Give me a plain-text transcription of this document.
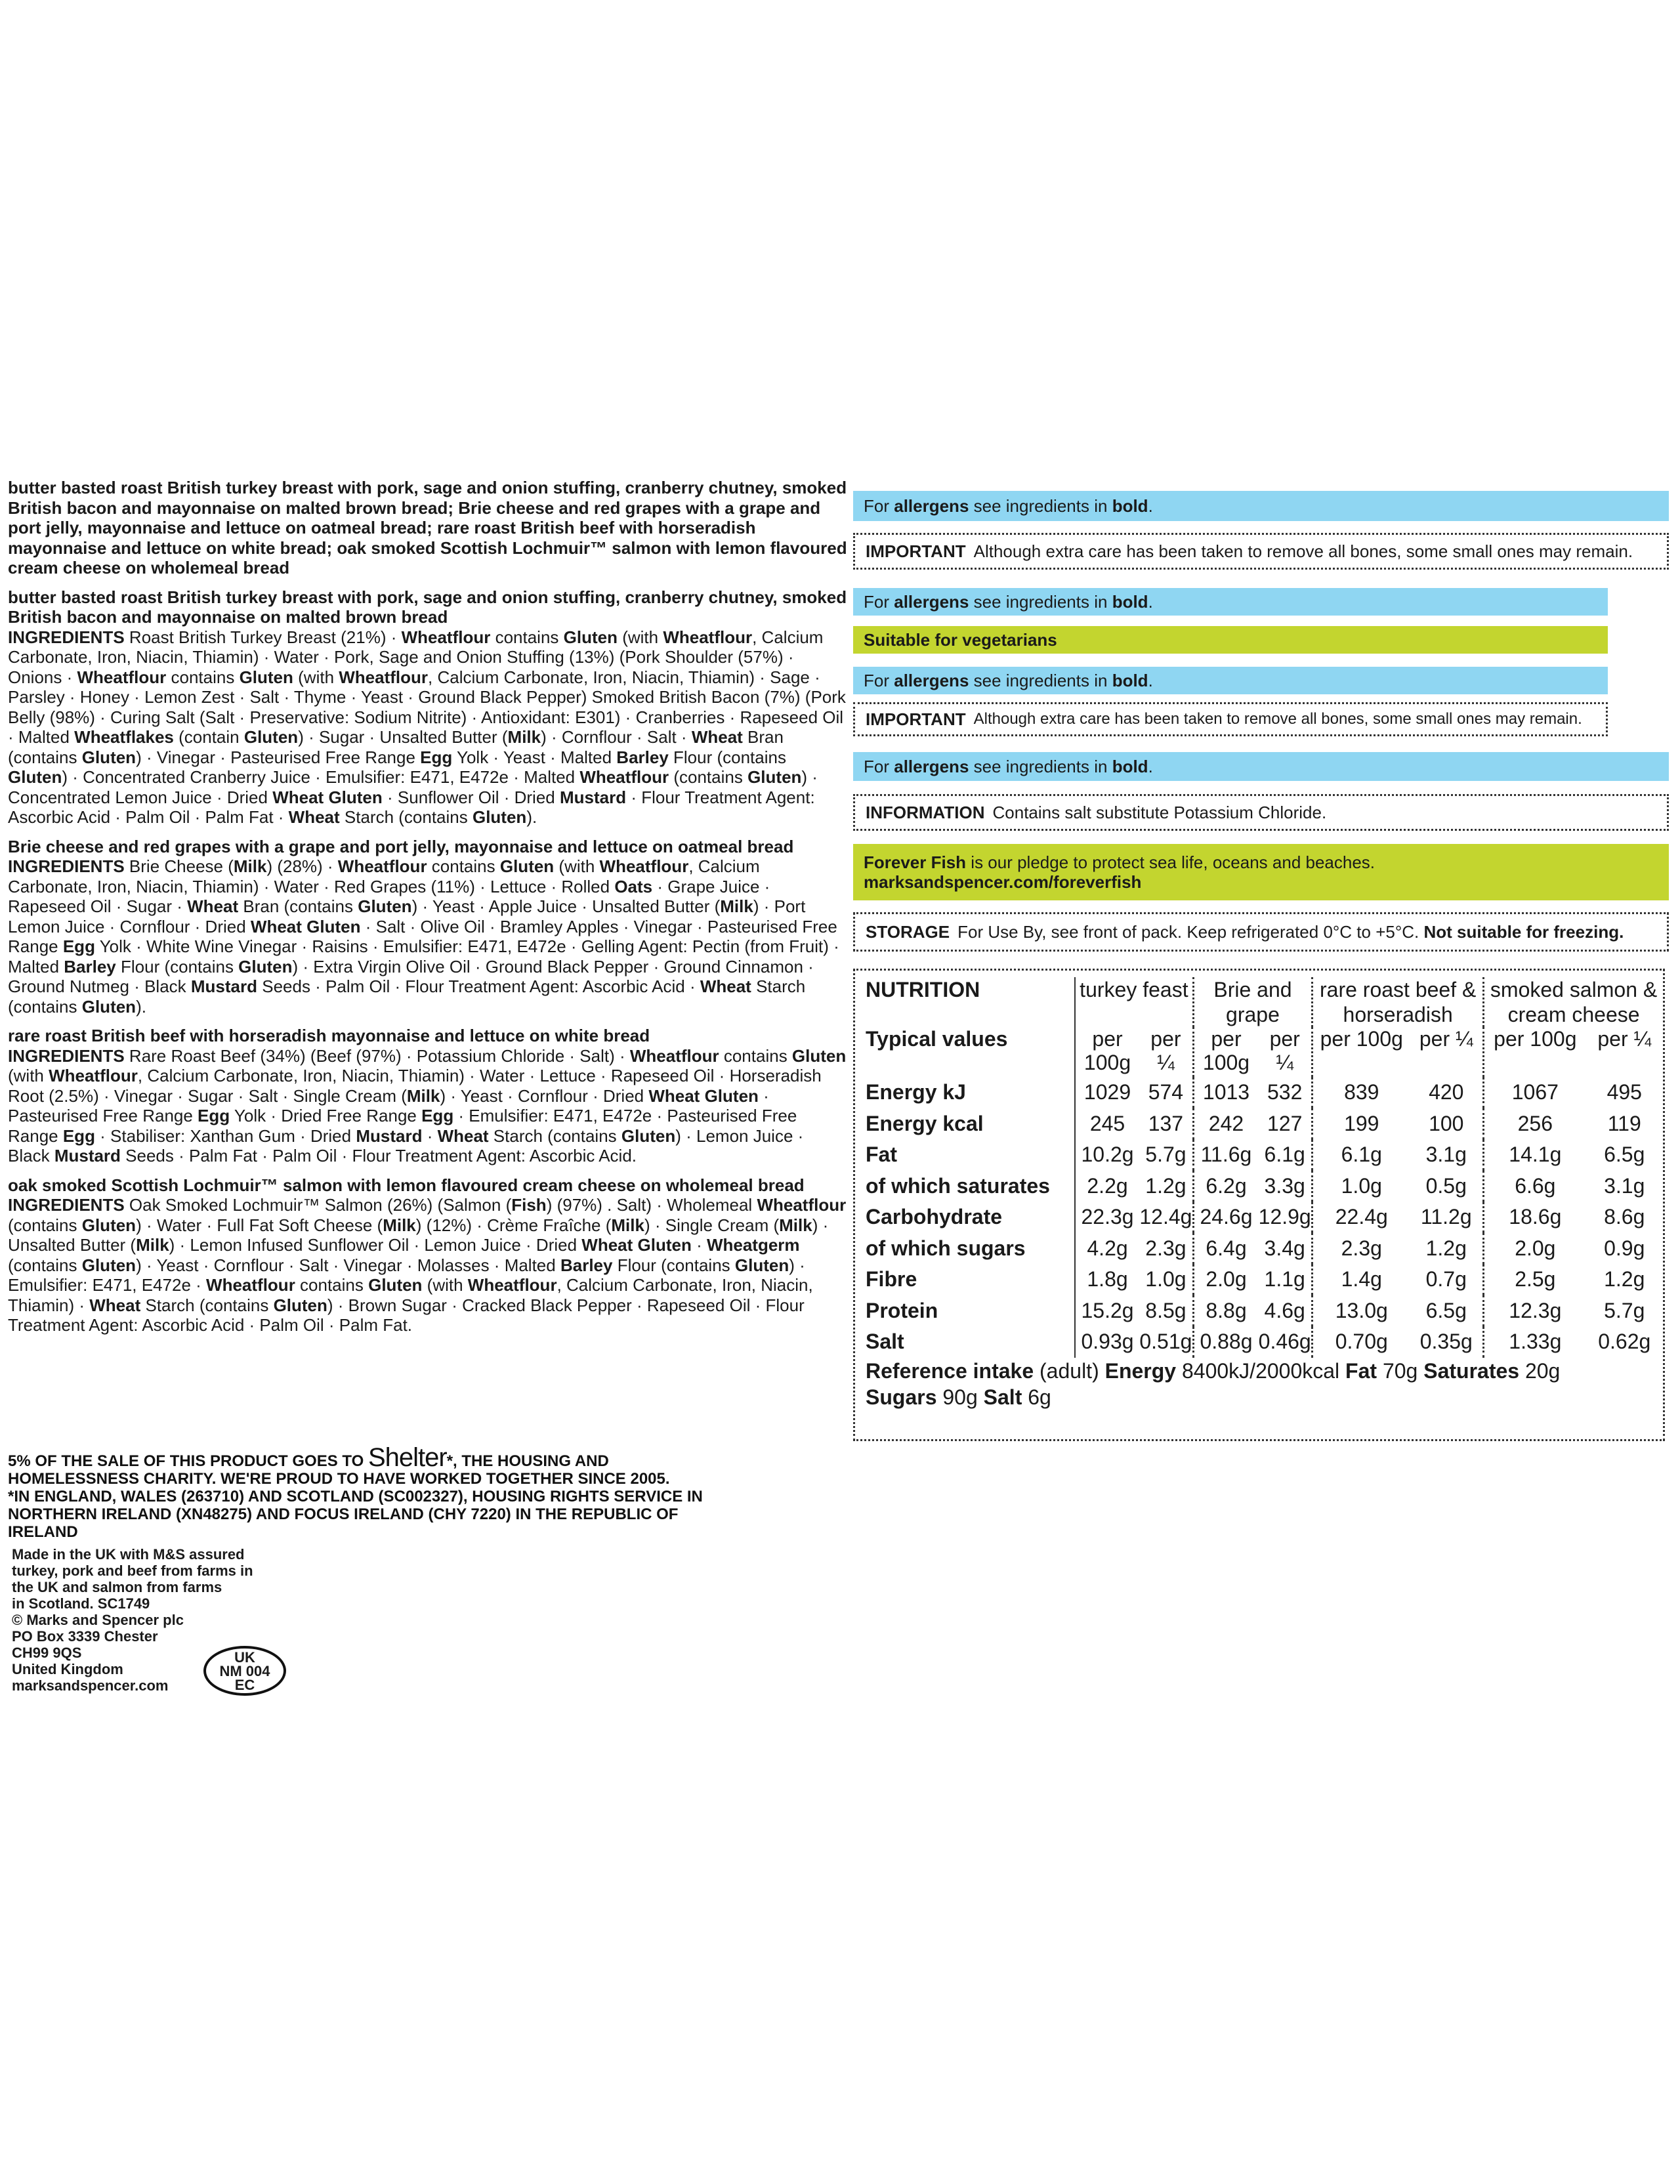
butter basted roast British turkey breast with pork, sage and onion stuffing, cranberry chutney, smoked British bacon and mayonnaise on malted brown bread; Brie cheese and red grapes with a grape and port jelly, mayonnaise and lettuce on oatmeal bread; rare roast British beef with horseradish mayonnaise and lettuce on white bread; oak smoked Scottish Lochmuir™ salmon with lemon flavoured cream cheese on wholemeal bread

butter basted roast British turkey breast with pork, sage and onion stuffing, cranberry chutney, smoked British bacon and mayonnaise on malted brown bread

INGREDIENTS Roast British Turkey Breast (21%) · Wheatflour contains Gluten (with Wheatflour, Calcium Carbonate, Iron, Niacin, Thiamin) · Water · Pork, Sage and Onion Stuffing (13%) (Pork Shoulder (57%) · Onions · Wheatflour contains Gluten (with Wheatflour, Calcium Carbonate, Iron, Niacin, Thiamin) · Sage · Parsley · Honey · Lemon Zest · Salt · Thyme · Yeast · Ground Black Pepper) Smoked British Bacon (7%) (Pork Belly (98%) · Curing Salt (Salt · Preservative: Sodium Nitrite) · Antioxidant: E301) · Cranberries · Rapeseed Oil · Malted Wheatflakes (contain Gluten) · Sugar · Unsalted Butter (Milk) · Cornflour · Salt · Wheat Bran (contains Gluten) · Vinegar · Pasteurised Free Range Egg Yolk · Yeast · Malted Barley Flour (contains Gluten) · Concentrated Cranberry Juice · Emulsifier: E471, E472e · Malted Wheatflour (contains Gluten) · Concentrated Lemon Juice · Dried Wheat Gluten · Sunflower Oil · Dried Mustard · Flour Treatment Agent: Ascorbic Acid · Palm Oil · Palm Fat · Wheat Starch (contains Gluten).

Brie cheese and red grapes with a grape and port jelly, mayonnaise and lettuce on oatmeal bread

INGREDIENTS Brie Cheese (Milk) (28%) · Wheatflour contains Gluten (with Wheatflour, Calcium Carbonate, Iron, Niacin, Thiamin) · Water · Red Grapes (11%) · Lettuce · Rolled Oats · Grape Juice · Rapeseed Oil · Sugar · Wheat Bran (contains Gluten) · Yeast · Apple Juice · Unsalted Butter (Milk) · Port Lemon Juice · Cornflour · Dried Wheat Gluten · Salt · Olive Oil · Bramley Apples · Vinegar · Pasteurised Free Range Egg Yolk · White Wine Vinegar · Raisins · Emulsifier: E471, E472e · Gelling Agent: Pectin (from Fruit) · Malted Barley Flour (contains Gluten) · Extra Virgin Olive Oil · Ground Black Pepper · Ground Cinnamon · Ground Nutmeg · Black Mustard Seeds · Palm Oil · Flour Treatment Agent: Ascorbic Acid · Wheat Starch (contains Gluten).

rare roast British beef with horseradish mayonnaise and lettuce on white bread

INGREDIENTS Rare Roast Beef (34%) (Beef (97%) · Potassium Chloride · Salt) · Wheatflour contains Gluten (with Wheatflour, Calcium Carbonate, Iron, Niacin, Thiamin) · Water · Lettuce · Rapeseed Oil · Horseradish Root (2.5%) · Vinegar · Sugar · Salt · Single Cream (Milk) · Yeast · Cornflour · Dried Wheat Gluten · Pasteurised Free Range Egg Yolk · Dried Free Range Egg · Emulsifier: E471, E472e · Pasteurised Free Range Egg · Stabiliser: Xanthan Gum · Dried Mustard · Wheat Starch (contains Gluten) · Lemon Juice · Black Mustard Seeds · Palm Fat · Palm Oil · Flour Treatment Agent: Ascorbic Acid.

oak smoked Scottish Lochmuir™ salmon with lemon flavoured cream cheese on wholemeal bread

INGREDIENTS Oak Smoked Lochmuir™ Salmon (26%) (Salmon (Fish) (97%) . Salt) · Wholemeal Wheatflour (contains Gluten) · Water · Full Fat Soft Cheese (Milk) (12%) · Crème Fraîche (Milk) · Single Cream (Milk) · Unsalted Butter (Milk) · Lemon Infused Sunflower Oil · Lemon Juice · Dried Wheat Gluten · Wheatgerm (contains Gluten) · Yeast · Cornflour · Salt · Vinegar · Molasses · Malted Barley Flour (contains Gluten) · Emulsifier: E471, E472e · Wheatflour contains Gluten (with Wheatflour, Calcium Carbonate, Iron, Niacin, Thiamin) · Wheat Starch (contains Gluten) · Brown Sugar · Cracked Black Pepper · Rapeseed Oil · Flour Treatment Agent: Ascorbic Acid · Palm Oil · Palm Fat.

5% OF THE SALE OF THIS PRODUCT GOES TO Shelter*, THE HOUSING AND HOMELESSNESS CHARITY. WE'RE PROUD TO HAVE WORKED TOGETHER SINCE 2005.
*IN ENGLAND, WALES (263710) AND SCOTLAND (SC002327), HOUSING RIGHTS SERVICE IN NORTHERN IRELAND (XN48275) AND FOCUS IRELAND (CHY 7220) IN THE REPUBLIC OF IRELAND
Made in the UK with M&S assured
turkey, pork and beef from farms in
the UK and salmon from farms
in Scotland. SC1749
© Marks and Spencer plc
PO Box 3339 Chester
CH99 9QS
United Kingdom
marksandspencer.com
UK
NM 004
EC
For
allergens
see ingredients in
bold .
IMPORTANT Although extra care has been taken to remove all bones, some small ones may remain.
For
allergens
see ingredients in
bold .
Suitable for vegetarians
For
allergens
see ingredients in
bold .
IMPORTANT Although extra care has been taken to remove all bones, some small ones may remain.
For
allergens
see ingredients in
bold .
INFORMATION Contains salt substitute Potassium Chloride.
Forever Fish is our pledge to protect sea life, oceans and beaches.
marksandspencer.com/foreverfish
STORAGE For Use By, see front of pack. Keep refrigerated 0°C to +5°C.
Not suitable for freezing.
NUTRITION	turkey feast		Brie and grape		rare roast beef & horseradish		smoked salmon & cream cheese	
Typical values	per 100g	per ¼	per 100g	per ¼	per 100g	per ¼	per 100g	per ¼
Energy kJ	1029	574	1013	532	839	420	1067	495
Energy kcal	245	137	242	127	199	100	256	119
Fat	10.2g	5.7g	11.6g	6.1g	6.1g	3.1g	14.1g	6.5g
of which saturates	2.2g	1.2g	6.2g	3.3g	1.0g	0.5g	6.6g	3.1g
Carbohydrate	22.3g	12.4g	24.6g	12.9g	22.4g	11.2g	18.6g	8.6g
of which sugars	4.2g	2.3g	6.4g	3.4g	2.3g	1.2g	2.0g	0.9g
Fibre	1.8g	1.0g	2.0g	1.1g	1.4g	0.7g	2.5g	1.2g
Protein	15.2g	8.5g	8.8g	4.6g	13.0g	6.5g	12.3g	5.7g
Salt	0.93g	0.51g	0.88g	0.46g	0.70g	0.35g	1.33g	0.62g
Reference intake (adult) Energy 8400kJ/2000kcal Fat 70g Saturates 20g
Sugars 90g Salt 6g
